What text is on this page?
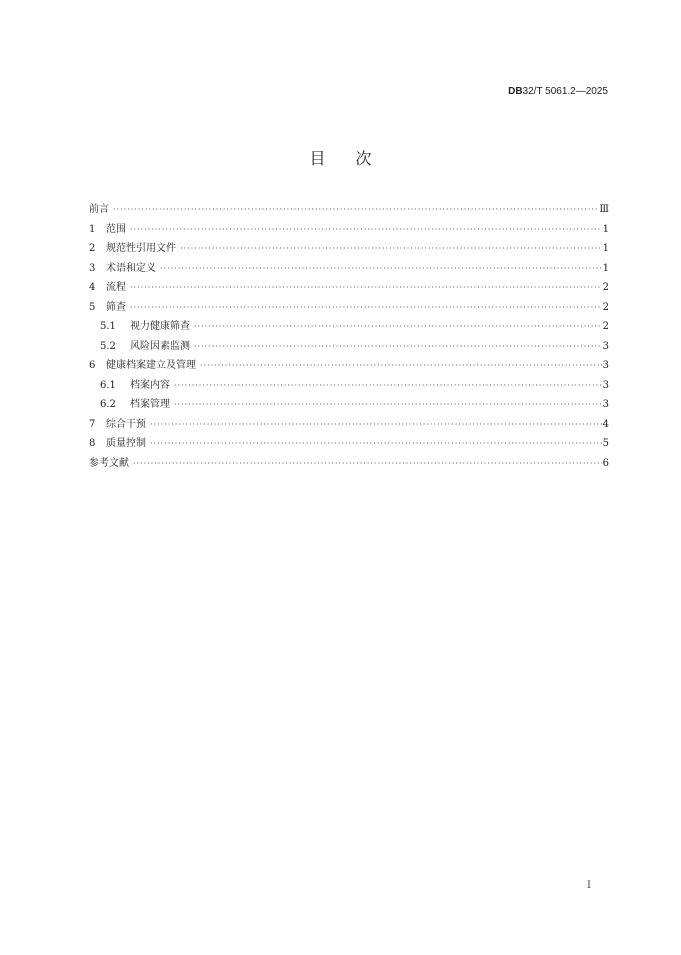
DB32/T 5061.2—2025
目次
前言 ·····	Ⅲ
1	范围 ·····	1
2	规范性引用文件 ·····	1
3	术语和定义 ·····	1
4	流程 ·····	2
5	筛查 ·····	2
5.1	视力健康筛查 ·····	2
5.2	风险因素监测 ·····	3
6	健康档案建立及管理 ·····	3
6.1	档案内容 ·····	3
6.2	档案管理 ·····	3
7	综合干预 ·····	4
8	质量控制 ·····	5
参考文献 ·····	6
I
